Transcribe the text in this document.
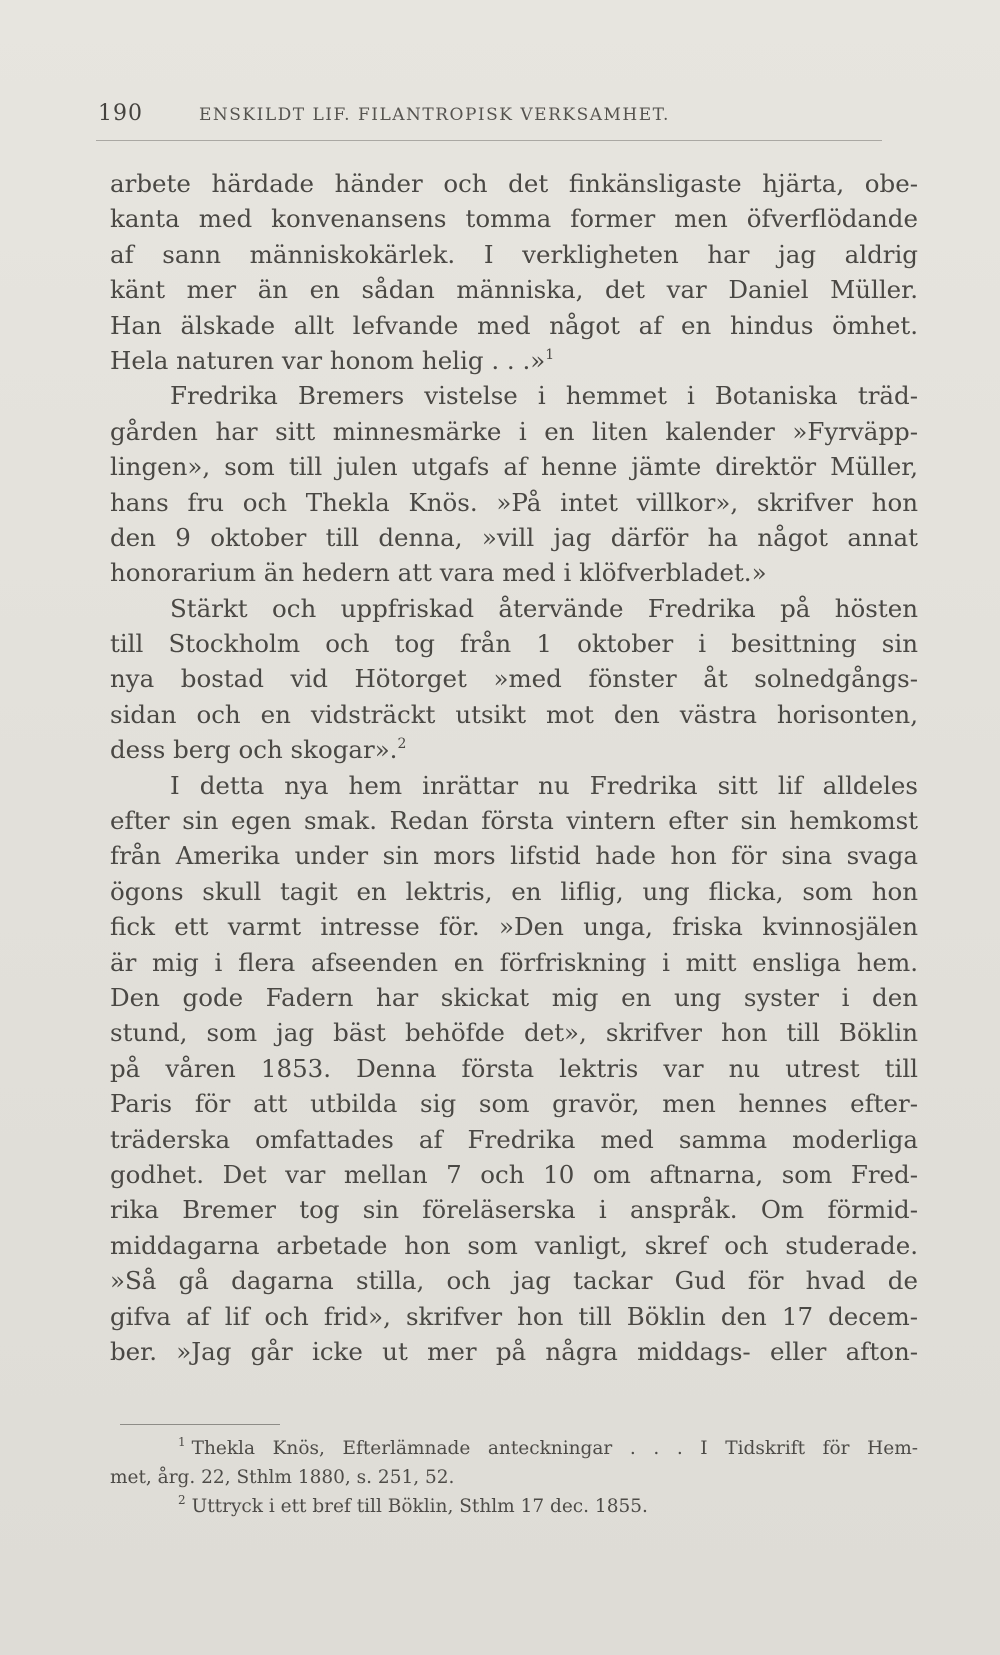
190	ENSKILDT LIF. FILANTROPISK VERKSAMHET.
arbete härdade händer och det finkänsligaste hjärta, obe-
kanta med konvenansens tomma former men öfverflödande
af sann människokärlek. I verkligheten har jag aldrig
känt mer än en sådan människa, det var Daniel Müller.
Han älskade allt lefvande med något af en hindus ömhet.
Hela naturen var honom helig . . .»$^1$
Fredrika Bremers vistelse i hemmet i Botaniska träd-
gården har sitt minnesmärke i en liten kalender »Fyrväpp-
lingen», som till julen utgafs af henne jämte direktör Müller,
hans fru och Thekla Knös. »På intet villkor», skrifver hon
den 9 oktober till denna, »vill jag därför ha något annat
honorarium än hedern att vara med i klöfverbladet.»
Stärkt och uppfriskad återvände Fredrika på hösten
till Stockholm och tog från 1 oktober i besittning sin
nya bostad vid Hötorget »med fönster åt solnedgångs-
sidan och en vidsträckt utsikt mot den västra horisonten,
dess berg och skogar».$^2$
I detta nya hem inrättar nu Fredrika sitt lif alldeles
efter sin egen smak. Redan första vintern efter sin hemkomst
från Amerika under sin mors lifstid hade hon för sina svaga
ögons skull tagit en lektris, en liflig, ung flicka, som hon
fick ett varmt intresse för. »Den unga, friska kvinnosjälen
är mig i flera afseenden en förfriskning i mitt ensliga hem.
Den gode Fadern har skickat mig en ung syster i den
stund, som jag bäst behöfde det», skrifver hon till Böklin
på våren 1853. Denna första lektris var nu utrest till
Paris för att utbilda sig som gravör, men hennes efter-
träderska omfattades af Fredrika med samma moderliga
godhet. Det var mellan 7 och 10 om aftnarna, som Fred-
rika Bremer tog sin föreläserska i anspråk. Om förmid-
middagarna arbetade hon som vanligt, skref och studerade.
»Så gå dagarna stilla, och jag tackar Gud för hvad de
gifva af lif och frid», skrifver hon till Böklin den 17 decem-
ber. »Jag går icke ut mer på några middags- eller afton-
$^1$ Thekla Knös, Efterlämnade anteckningar . . . I Tidskrift för Hem-
met, årg. 22, Sthlm 1880, s. 251, 52.
$^2$ Uttryck i ett bref till Böklin, Sthlm 17 dec. 1855.
